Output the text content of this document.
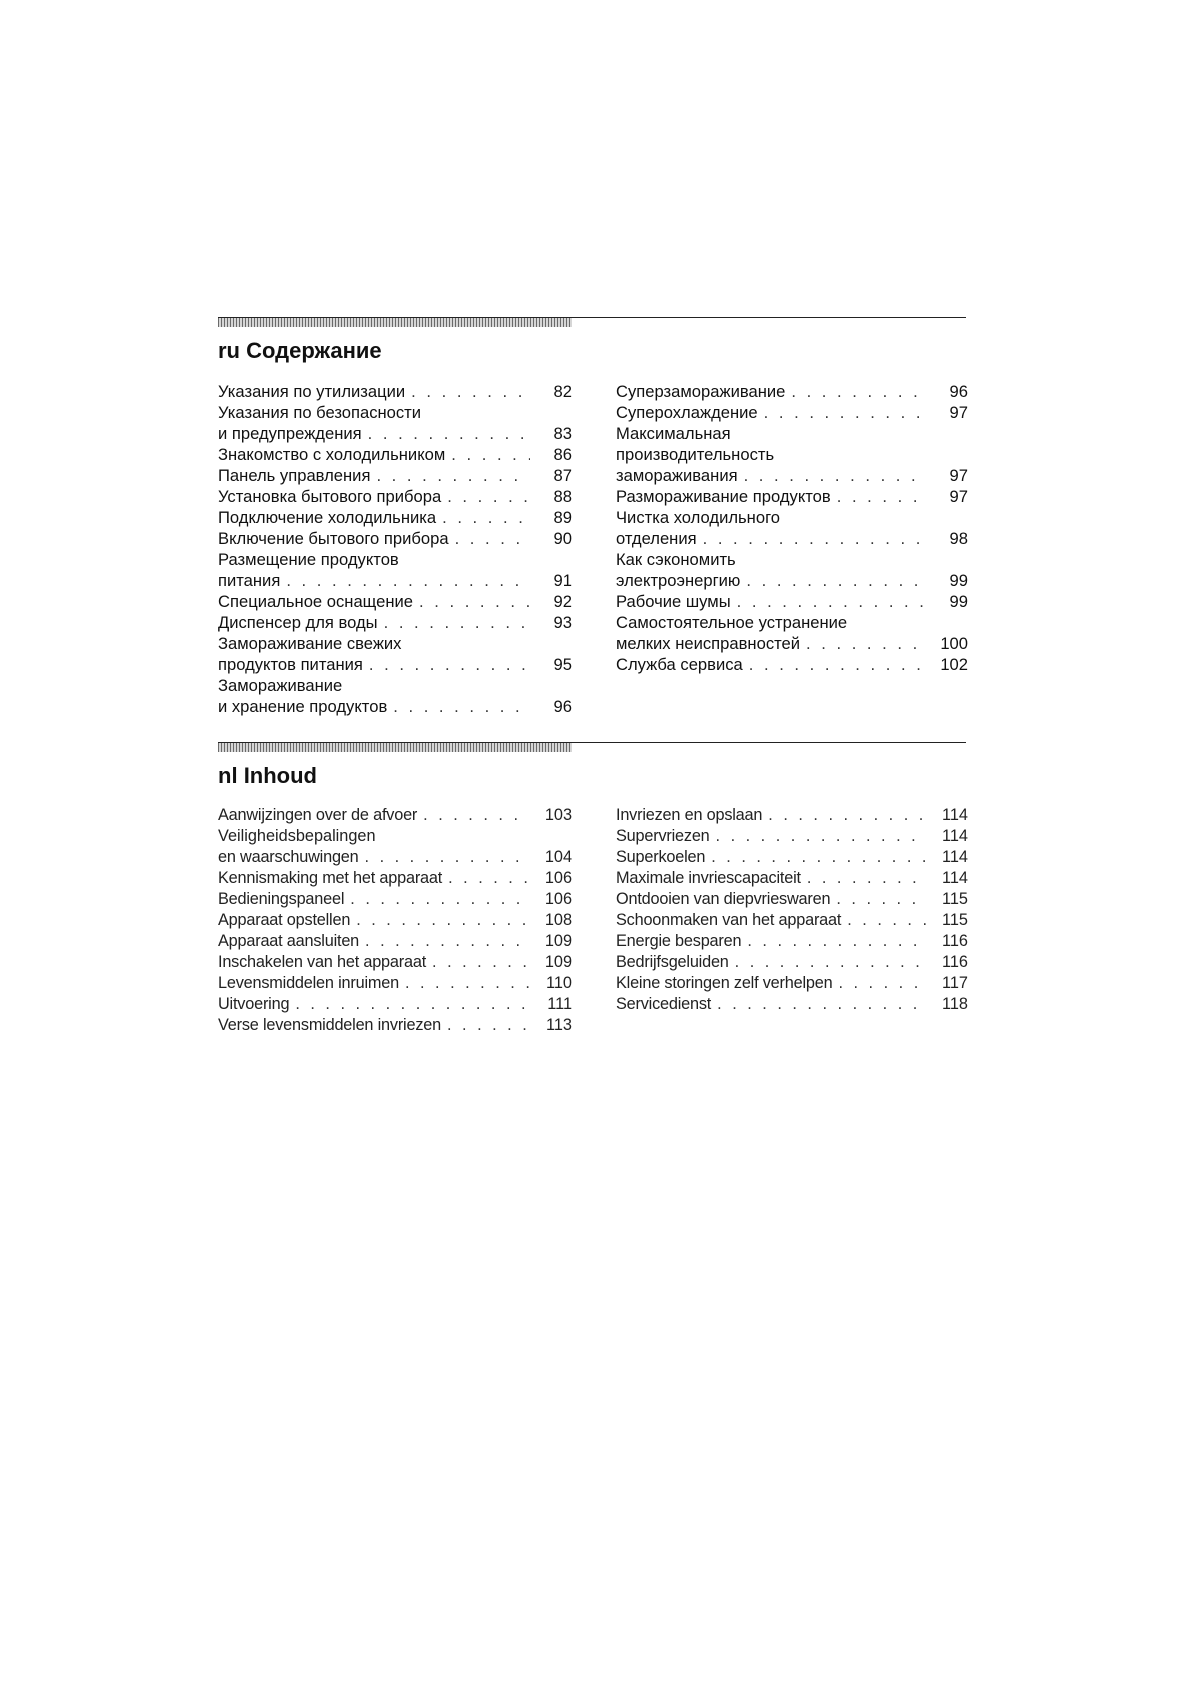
ru Содержание
Указания по утилизации . . .	82
Указания по безопасности
и предупреждения . . .	83
Знакомство с холодильником . . .	86
Панель управления . . .	87
Установка бытового прибора . . .	88
Подключение холодильника . . .	89
Включение бытового прибора . . .	90
Размещение продуктов
питания . . .	91
Специальное оснащение . . .	92
Диспенсер для воды . . .	93
Замораживание свежих
продуктов питания . . .	95
Замораживание
и хранение продуктов . . .	96
Суперзамораживание . . .	96
Суперохлаждение . . .	97
Максимальная
производительность
замораживания . . .	97
Размораживание продуктов . . .	97
Чистка холодильного
отделения . . .	98
Как сэкономить
электроэнергию . . .	99
Рабочие шумы . . .	99
Самостоятельное устранение
мелких неисправностей . . .	100
Служба сервиса . . .	102
nl Inhoud
Aanwijzingen over de afvoer . . .	103
Veiligheidsbepalingen
en waarschuwingen . . .	104
Kennismaking met het apparaat . . .	106
Bedieningspaneel . . .	106
Apparaat opstellen . . .	108
Apparaat aansluiten . . .	109
Inschakelen van het apparaat . . .	109
Levensmiddelen inruimen . . .	110
Uitvoering . . .	111
Verse levensmiddelen invriezen . . .	113
Invriezen en opslaan . . .	114
Supervriezen . . .	114
Superkoelen . . .	114
Maximale invriescapaciteit . . .	114
Ontdooien van diepvrieswaren . . .	115
Schoonmaken van het apparaat . . .	115
Energie besparen . . .	116
Bedrijfsgeluiden . . .	116
Kleine storingen zelf verhelpen . . .	117
Servicedienst . . .	118
